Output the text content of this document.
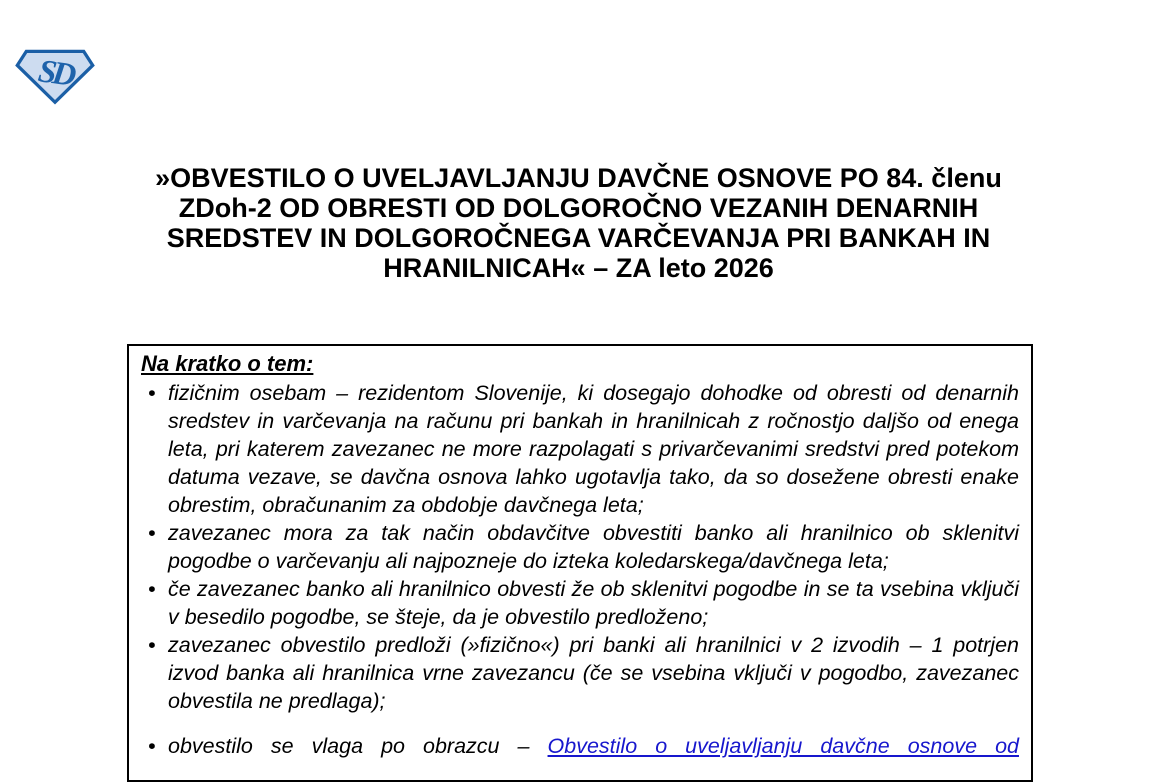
SD
»OBVESTILO O UVELJAVLJANJU DAVČNE OSNOVE PO 84. členu
ZDoh-2 OD OBRESTI OD DOLGOROČNO VEZANIH DENARNIH
SREDSTEV IN DOLGOROČNEGA VARČEVANJA PRI BANKAH IN
HRANILNICAH« – ZA leto 2026
Na kratko o tem:
• fizičnim osebam – rezidentom Slovenije, ki dosegajo dohodke od obresti od denarnih sredstev in varčevanja na računu pri bankah in hranilnicah z ročnostjo daljšo od enega leta, pri katerem zavezanec ne more razpolagati s privarčevanimi sredstvi pred potekom datuma vezave, se davčna osnova lahko ugotavlja tako, da so dosežene obresti enake obrestim, obračunanim za obdobje davčnega leta;
• zavezanec mora za tak način obdavčitve obvestiti banko ali hranilnico ob sklenitvi pogodbe o varčevanju ali najpozneje do izteka koledarskega/davčnega leta;
• če zavezanec banko ali hranilnico obvesti že ob sklenitvi pogodbe in se ta vsebina vključi v besedilo pogodbe, se šteje, da je obvestilo predloženo;
• zavezanec obvestilo predloži (»fizično«) pri banki ali hranilnici v 2 izvodih – 1 potrjen izvod banka ali hranilnica vrne zavezancu (če se vsebina vključi v pogodbo, zavezanec obvestila ne predlaga);
• obvestilo se vlaga po obrazcu – Obvestilo o uveljavljanju davčne osnove od
